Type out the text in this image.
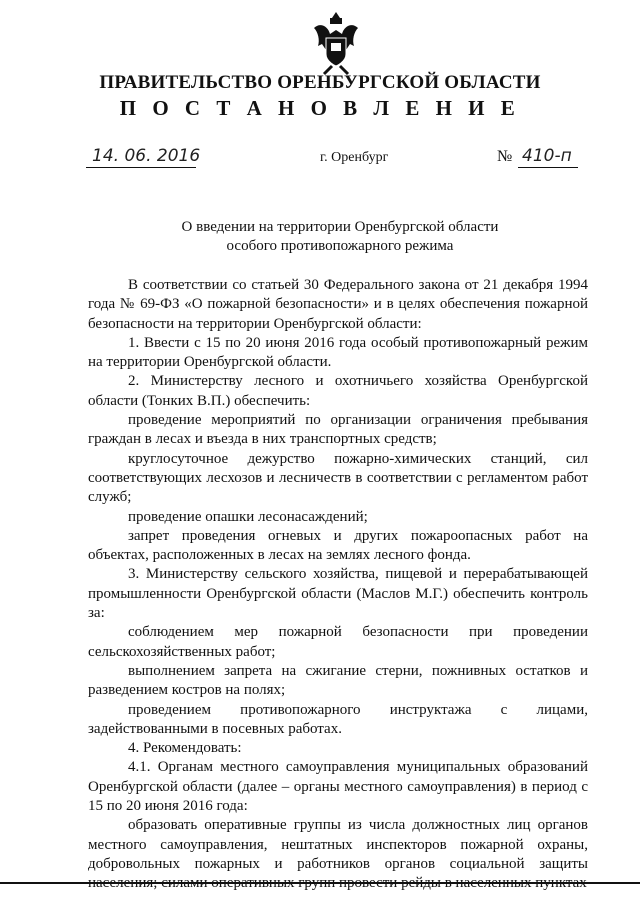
ПРАВИТЕЛЬСТВО ОРЕНБУРГСКОЙ ОБЛАСТИ
П О С Т А Н О В Л Е Н И Е
14. 06. 2016	г. Оренбург	№ 410-п
О введении на территории Оренбургской области
особого противопожарного режима

В соответствии со статьей 30 Федерального закона от 21 декабря 1994 года № 69-ФЗ «О пожарной безопасности» и в целях обеспечения пожарной безопасности на территории Оренбургской области:

1. Ввести с 15 по 20 июня 2016 года особый противопожарный режим на территории Оренбургской области.

2. Министерству лесного и охотничьего хозяйства Оренбургской области (Тонких В.П.) обеспечить:

проведение мероприятий по организации ограничения пребывания граждан в лесах и въезда в них транспортных средств;

круглосуточное дежурство пожарно-химических станций, сил соответствующих лесхозов и лесничеств в соответствии с регламентом работ служб;

проведение опашки лесонасаждений;

запрет проведения огневых и других пожароопасных работ на объектах, расположенных в лесах на землях лесного фонда.

3. Министерству сельского хозяйства, пищевой и перерабатывающей промышленности Оренбургской области (Маслов М.Г.) обеспечить контроль за:

соблюдением мер пожарной безопасности при проведении сельскохозяйственных работ;

выполнением запрета на сжигание стерни, пожнивных остатков и разведением костров на полях;

проведением противопожарного инструктажа с лицами, задействованными в посевных работах.

4. Рекомендовать:

4.1. Органам местного самоуправления муниципальных образований Оренбургской области (далее – органы местного самоуправления) в период с 15 по 20 июня 2016 года:

образовать оперативные группы из числа должностных лиц органов местного самоуправления, нештатных инспекторов пожарной охраны, добровольных пожарных и работников органов социальной защиты населения; силами оперативных групп провести рейды в населенных пунктах
